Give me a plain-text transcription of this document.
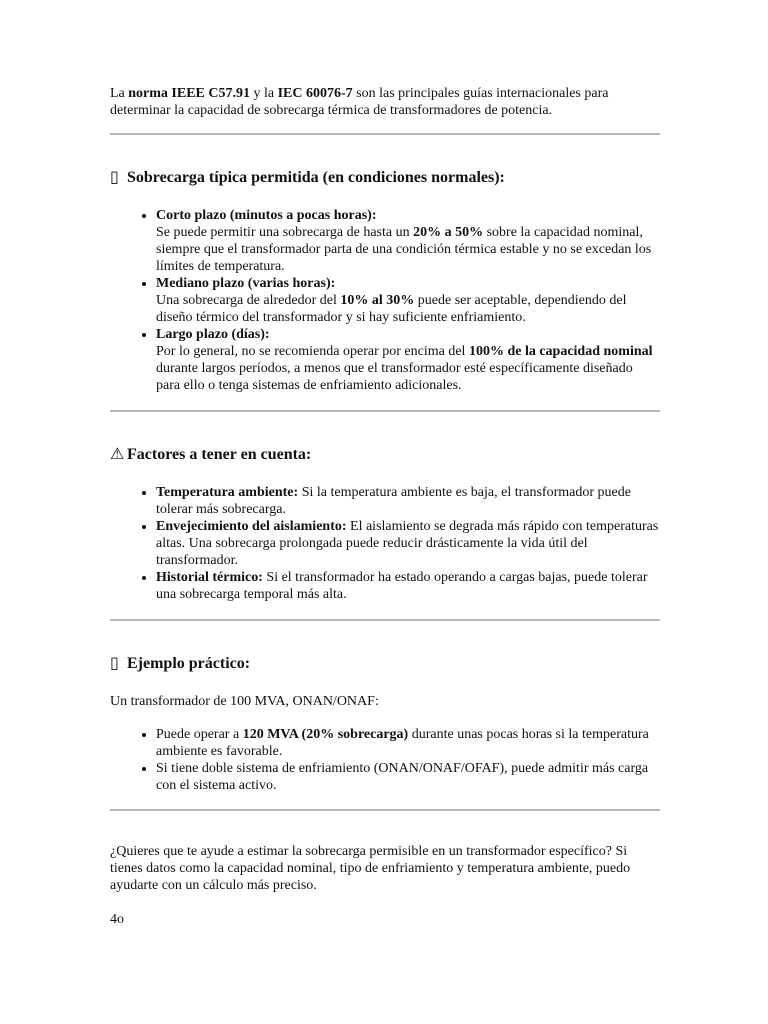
La norma IEEE C57.91 y la IEC 60076-7 son las principales guías internacionales para determinar la capacidad de sobrecarga térmica de transformadores de potencia.

▯ Sobrecarga típica permitida (en condiciones normales):
• Corto plazo (minutos a pocas horas):
Se puede permitir una sobrecarga de hasta un 20% a 50% sobre la capacidad nominal, siempre que el transformador parta de una condición térmica estable y no se excedan los límites de temperatura.
• Mediano plazo (varias horas):
Una sobrecarga de alrededor del 10% al 30% puede ser aceptable, dependiendo del diseño térmico del transformador y si hay suficiente enfriamiento.
• Largo plazo (días):
Por lo general, no se recomienda operar por encima del 100% de la capacidad nominal durante largos períodos, a menos que el transformador esté específicamente diseñado para ello o tenga sistemas de enfriamiento adicionales.
⚠ Factores a tener en cuenta:
• Temperatura ambiente: Si la temperatura ambiente es baja, el transformador puede tolerar más sobrecarga.
• Envejecimiento del aislamiento: El aislamiento se degrada más rápido con temperaturas altas. Una sobrecarga prolongada puede reducir drásticamente la vida útil del transformador.
• Historial térmico: Si el transformador ha estado operando a cargas bajas, puede tolerar una sobrecarga temporal más alta.
▯ Ejemplo práctico:

Un transformador de 100 MVA, ONAN/ONAF:

• Puede operar a 120 MVA (20% sobrecarga) durante unas pocas horas si la temperatura ambiente es favorable.
• Si tiene doble sistema de enfriamiento (ONAN/ONAF/OFAF), puede admitir más carga con el sistema activo.

¿Quieres que te ayude a estimar la sobrecarga permisible en un transformador específico? Si tienes datos como la capacidad nominal, tipo de enfriamiento y temperatura ambiente, puedo ayudarte con un cálculo más preciso.

4o
